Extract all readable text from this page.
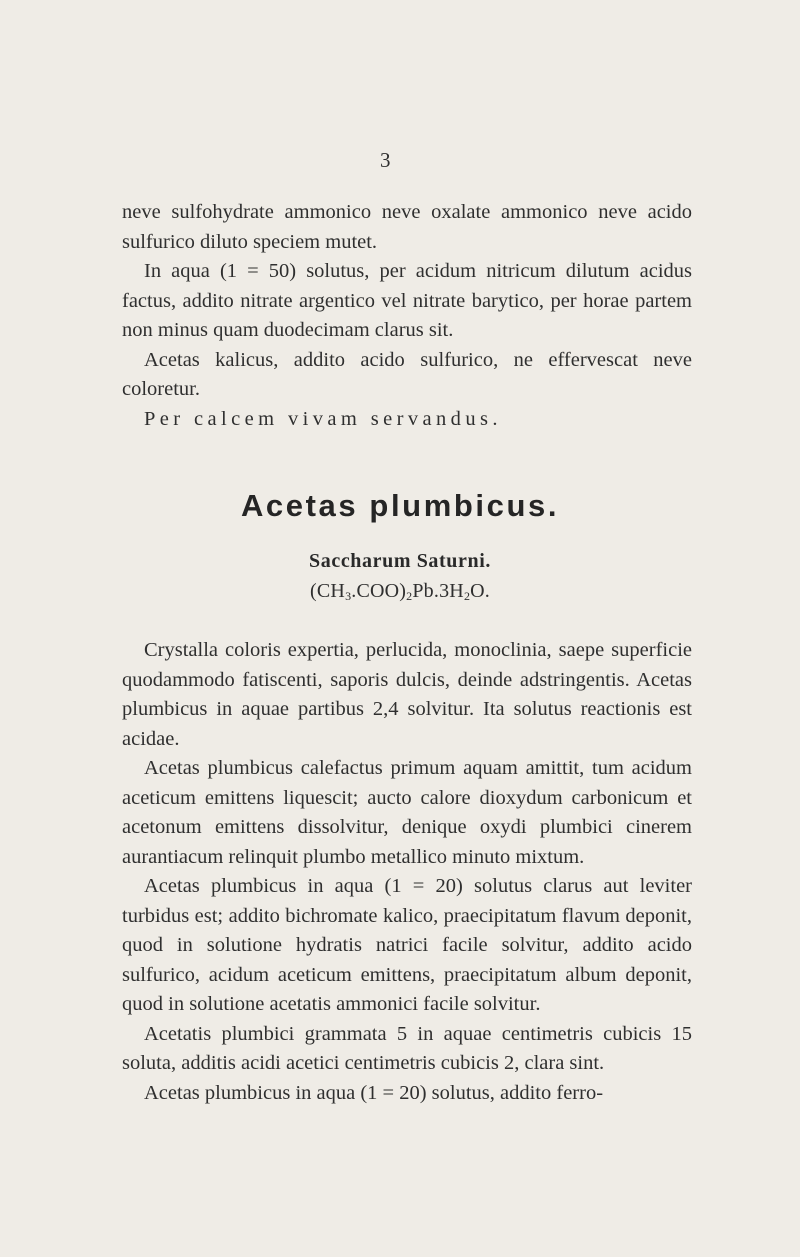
3

neve sulfohydrate ammonico neve oxalate ammonico neve acido sulfurico diluto speciem mutet.

In aqua (1 = 50) solutus, per acidum nitricum dilutum acidus factus, addito nitrate argentico vel nitrate barytico, per horae partem non minus quam duodecimam clarus sit.

Acetas kalicus, addito acido sulfurico, ne effervescat neve coloretur.

Per calcem vivam servandus.

Acetas plumbicus.
Saccharum Saturni.
$(CH_3.COO)_2Pb.3H_2O$.

Crystalla coloris expertia, perlucida, monoclinia, saepe superficie quodammodo fatiscenti, saporis dulcis, deinde adstringentis. Acetas plumbicus in aquae partibus 2,4 solvitur. Ita solutus reactionis est acidae.

Acetas plumbicus calefactus primum aquam amittit, tum acidum aceticum emittens liquescit; aucto calore dioxydum carbonicum et acetonum emittens dissolvitur, denique oxydi plumbici cinerem aurantiacum relinquit plumbo metallico minuto mixtum.

Acetas plumbicus in aqua (1 = 20) solutus clarus aut leviter turbidus est; addito bichromate kalico, praecipitatum flavum deponit, quod in solutione hydratis natrici facile solvitur, addito acido sulfurico, acidum aceticum emittens, praecipitatum album deponit, quod in solutione acetatis ammonici facile solvitur.

Acetatis plumbici grammata 5 in aquae centimetris cubicis 15 soluta, additis acidi acetici centimetris cubicis 2, clara sint.

Acetas plumbicus in aqua (1 = 20) solutus, addito ferro-
